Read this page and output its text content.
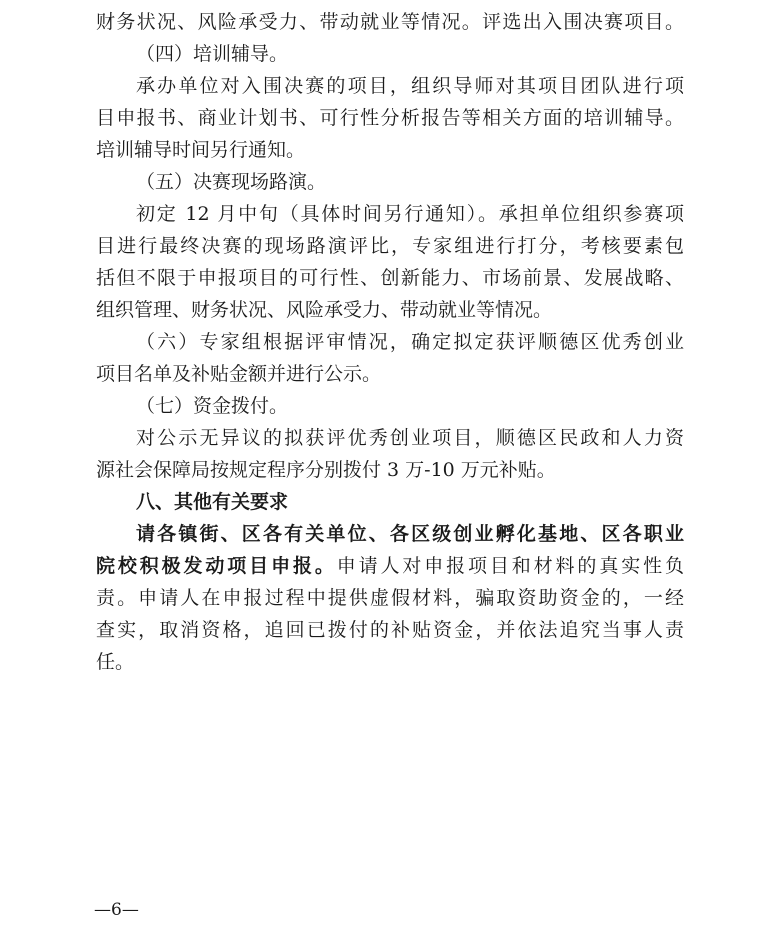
财务状况、风险承受力、带动就业等情况。评选出入围决赛项目。
（四）培训辅导。
承办单位对入围决赛的项目，组织导师对其项目团队进行项
目申报书、商业计划书、可行性分析报告等相关方面的培训辅导。
培训辅导时间另行通知。
（五）决赛现场路演。
初定 12 月中旬（具体时间另行通知）。承担单位组织参赛项
目进行最终决赛的现场路演评比，专家组进行打分，考核要素包
括但不限于申报项目的可行性、创新能力、市场前景、发展战略、
组织管理、财务状况、风险承受力、带动就业等情况。
（六）专家组根据评审情况，确定拟定获评顺德区优秀创业
项目名单及补贴金额并进行公示。
（七）资金拨付。
对公示无异议的拟获评优秀创业项目，顺德区民政和人力资
源社会保障局按规定程序分别拨付 3 万-10 万元补贴。
八、其他有关要求
请各镇街、区各有关单位、各区级创业孵化基地、区各职业
院校积极发动项目申报。申请人对申报项目和材料的真实性负
责。申请人在申报过程中提供虚假材料，骗取资助资金的，一经
查实，取消资格，追回已拨付的补贴资金，并依法追究当事人责
任。
—6—
